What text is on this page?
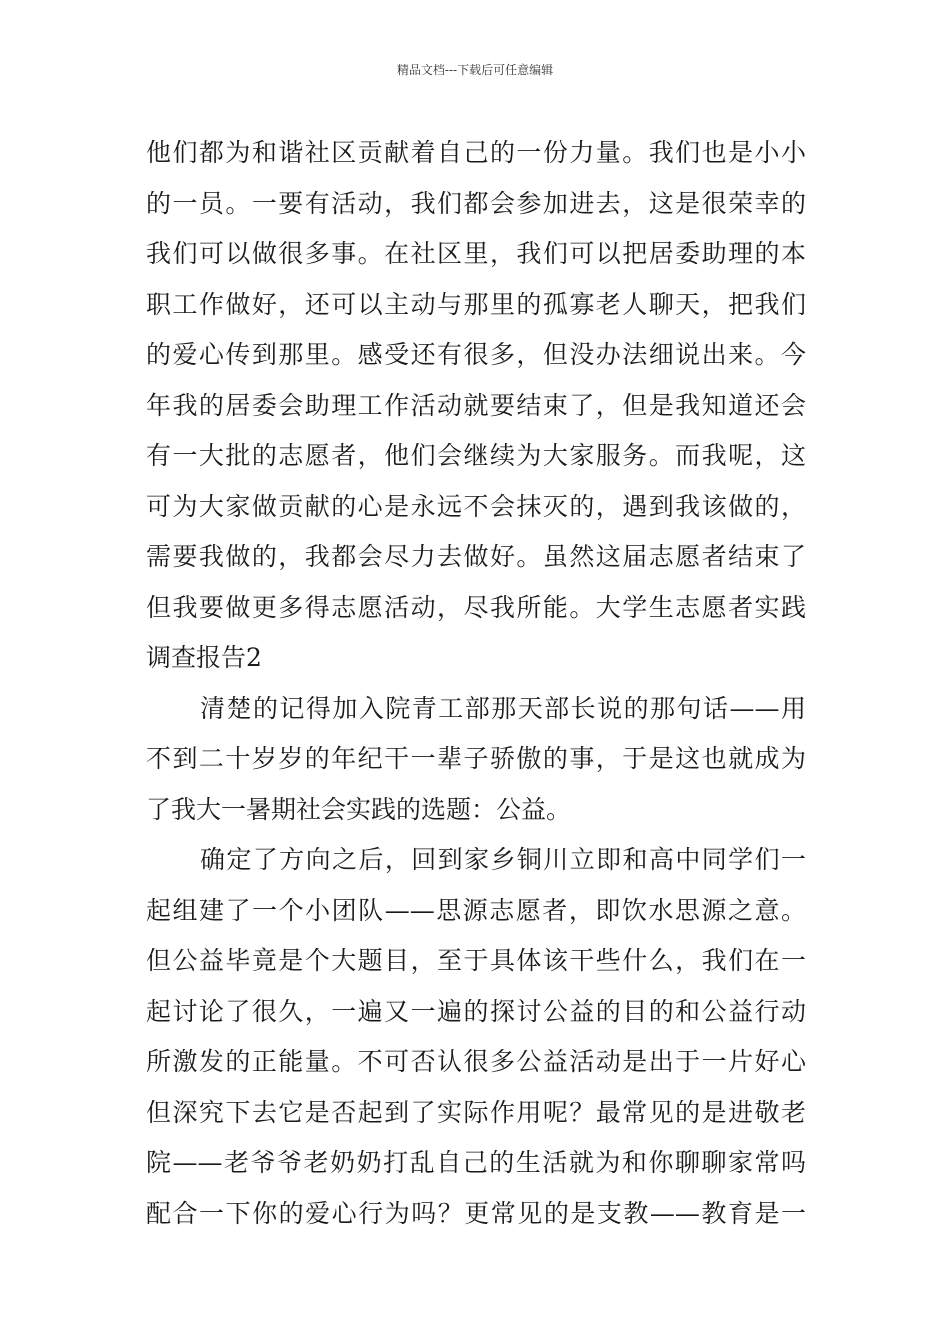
精品文档---下载后可任意编辑
他们都为和谐社区贡献着自己的一份力量。我们也是小小
的一员。一要有活动，我们都会参加进去，这是很荣幸的
我们可以做很多事。在社区里，我们可以把居委助理的本
职工作做好，还可以主动与那里的孤寡老人聊天，把我们
的爱心传到那里。感受还有很多，但没办法细说出来。今
年我的居委会助理工作活动就要结束了，但是我知道还会
有一大批的志愿者，他们会继续为大家服务。而我呢，这
可为大家做贡献的心是永远不会抹灭的，遇到我该做的，
需要我做的，我都会尽力去做好。虽然这届志愿者结束了
但我要做更多得志愿活动，尽我所能。大学生志愿者实践
调查报告2
清楚的记得加入院青工部那天部长说的那句话——用
不到二十岁岁的年纪干一辈子骄傲的事，于是这也就成为
了我大一暑期社会实践的选题：公益。
确定了方向之后，回到家乡铜川立即和高中同学们一
起组建了一个小团队——思源志愿者，即饮水思源之意。
但公益毕竟是个大题目，至于具体该干些什么，我们在一
起讨论了很久，一遍又一遍的探讨公益的目的和公益行动
所激发的正能量。不可否认很多公益活动是出于一片好心
但深究下去它是否起到了实际作用呢？最常见的是进敬老
院——老爷爷老奶奶打乱自己的生活就为和你聊聊家常吗
配合一下你的爱心行为吗？更常见的是支教——教育是一
